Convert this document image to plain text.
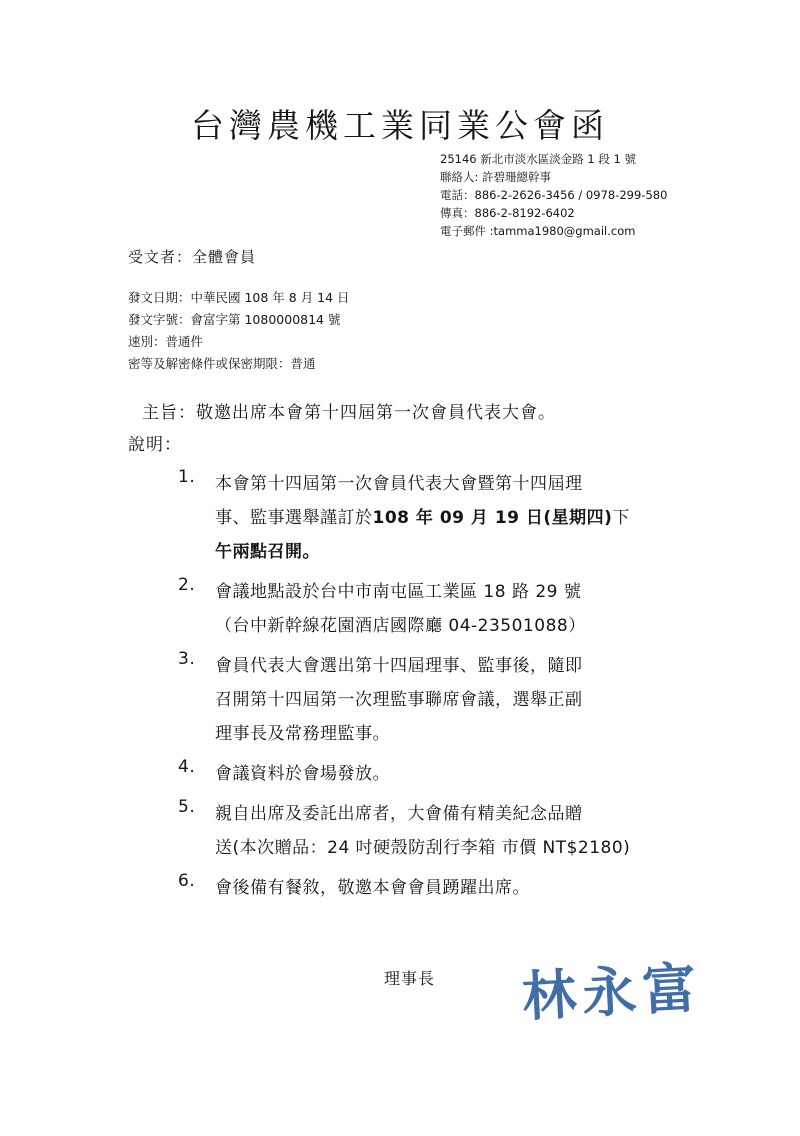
台灣農機工業同業公會函
25146 新北市淡水區淡金路 1 段 1 號
聯絡人: 許碧珊總幹事
電話：886-2-2626-3456 / 0978-299-580
傳真：886-2-8192-6402
電子郵件 :tamma1980@gmail.com
受文者：全體會員
發文日期：中華民國 108 年 8 月 14 日
發文字號：會富字第 1080000814 號
速別：普通件
密等及解密條件或保密期限：普通
主旨：敬邀出席本會第十四屆第一次會員代表大會。
說明：
1.	本會第十四屆第一次會員代表大會暨第十四屆理
事、監事選舉謹訂於108 年 09 月 19 日(星期四)下
午兩點召開。
2.	會議地點設於台中市南屯區工業區 18 路 29 號
（台中新幹線花園酒店國際廳 04-23501088）
3.	會員代表大會選出第十四屆理事、監事後，隨即
召開第十四屆第一次理監事聯席會議，選舉正副
理事長及常務理監事。
4.	會議資料於會場發放。
5.	親自出席及委託出席者，大會備有精美紀念品贈
送(本次贈品：24 吋硬殼防刮行李箱 市價 NT$2180)
6.	會後備有餐敘，敬邀本會會員踴躍出席。
理事長 林永富
